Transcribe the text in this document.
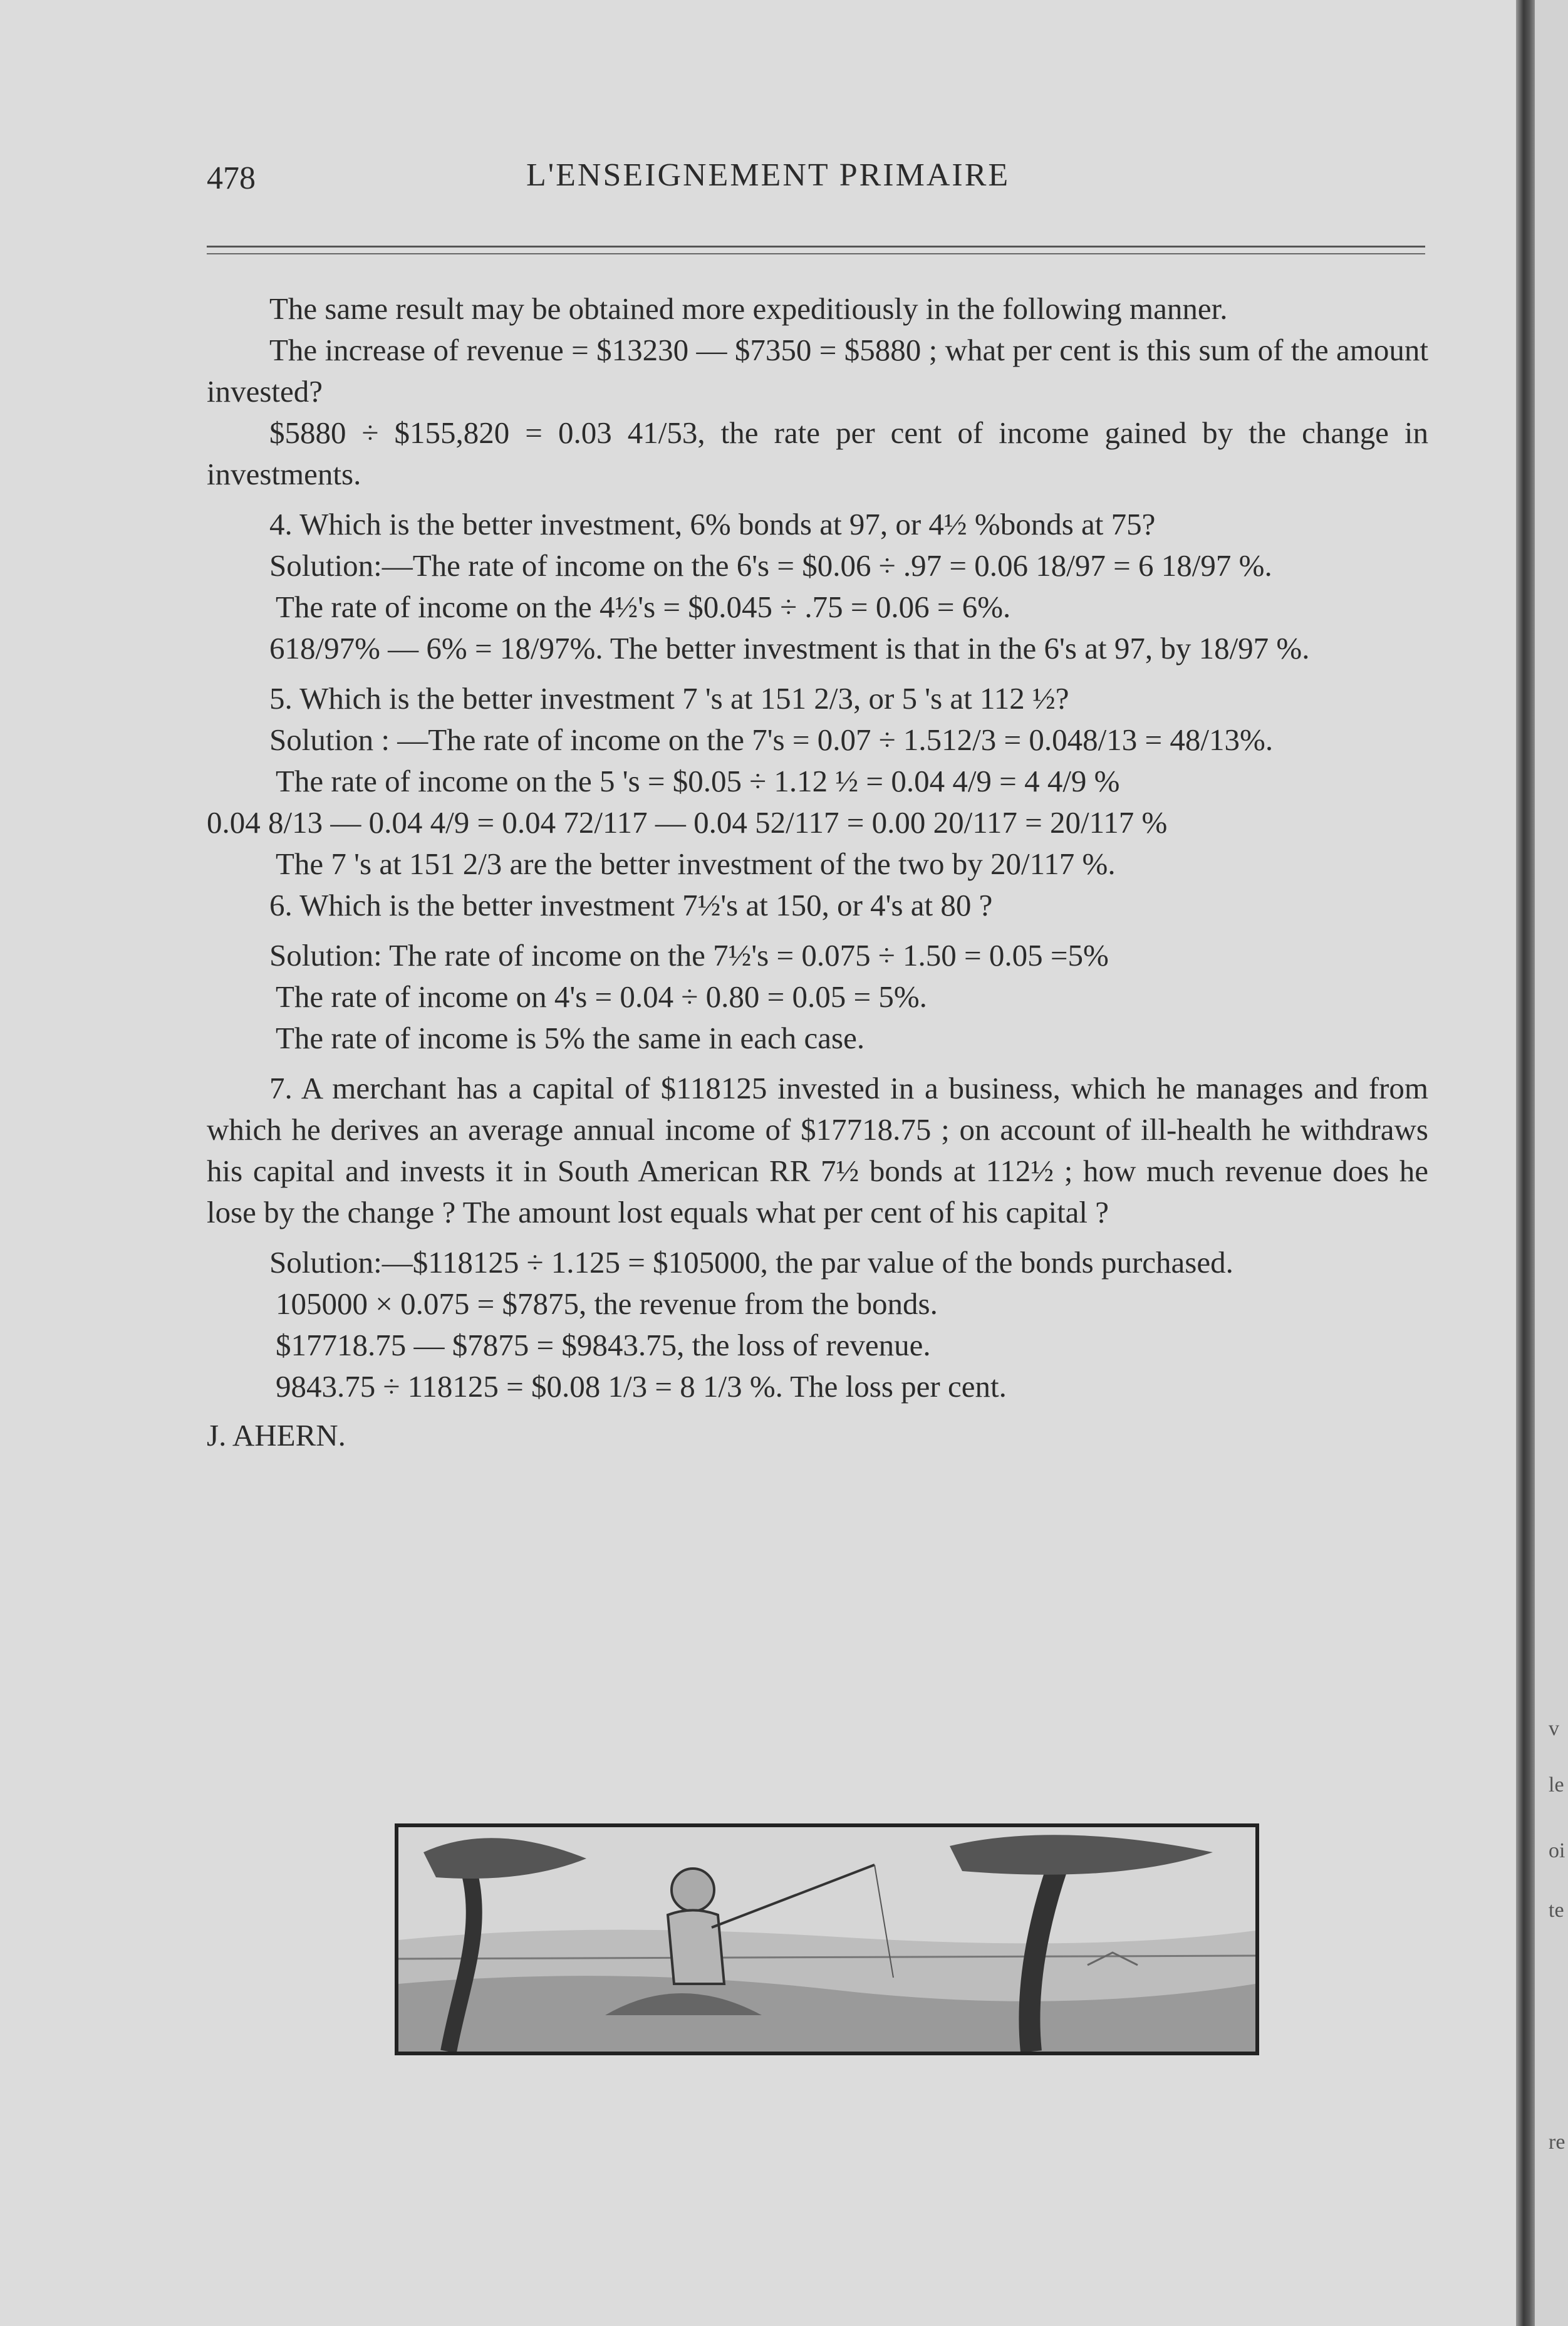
478	L'ENSEIGNEMENT PRIMAIRE

The same result may be obtained more expeditiously in the following manner.

The increase of revenue = $13230 — $7350 = $5880 ; what per cent is this sum of the amount invested?

$5880 ÷ $155,820 = 0.03 41/53, the rate per cent of income gained by the change in investments.

4. Which is the better investment, 6% bonds at 97, or 4½ %bonds at 75?

Solution:—The rate of income on the 6's = $0.06 ÷ .97 = 0.06 18/97 = 6 18/97 %.

The rate of income on the 4½'s = $0.045 ÷ .75 = 0.06 = 6%.

618/97% — 6% = 18/97%. The better investment is that in the 6's at 97, by 18/97 %.

5. Which is the better investment 7 's at 151 2/3, or 5 's at 112 ½?

Solution : —The rate of income on the 7's = 0.07 ÷ 1.512/3 = 0.048/13 = 48/13%.

The rate of income on the 5 's = $0.05 ÷ 1.12 ½ = 0.04 4/9 = 4 4/9 %

0.04 8/13 — 0.04 4/9 = 0.04 72/117 — 0.04 52/117 = 0.00 20/117 = 20/117 %

The 7 's at 151 2/3 are the better investment of the two by 20/117 %.

6. Which is the better investment 7½'s at 150, or 4's at 80 ?

Solution: The rate of income on the 7½'s = 0.075 ÷ 1.50 = 0.05 =5%

The rate of income on 4's = 0.04 ÷ 0.80 = 0.05 = 5%.

The rate of income is 5% the same in each case.

7. A merchant has a capital of $118125 invested in a business, which he manages and from which he derives an average annual income of $17718.75 ; on account of ill-health he withdraws his capital and invests it in South American RR 7½ bonds at 112½ ; how much revenue does he lose by the change ? The amount lost equals what per cent of his capital ?

Solution:—$118125 ÷ 1.125 = $105000, the par value of the bonds purchased.

105000 × 0.075 = $7875, the revenue from the bonds.

$17718.75 — $7875 = $9843.75, the loss of revenue.

9843.75 ÷ 118125 = $0.08 1/3 = 8 1/3 %. The loss per cent.

J. AHERN.

v
le
oi
te
re
